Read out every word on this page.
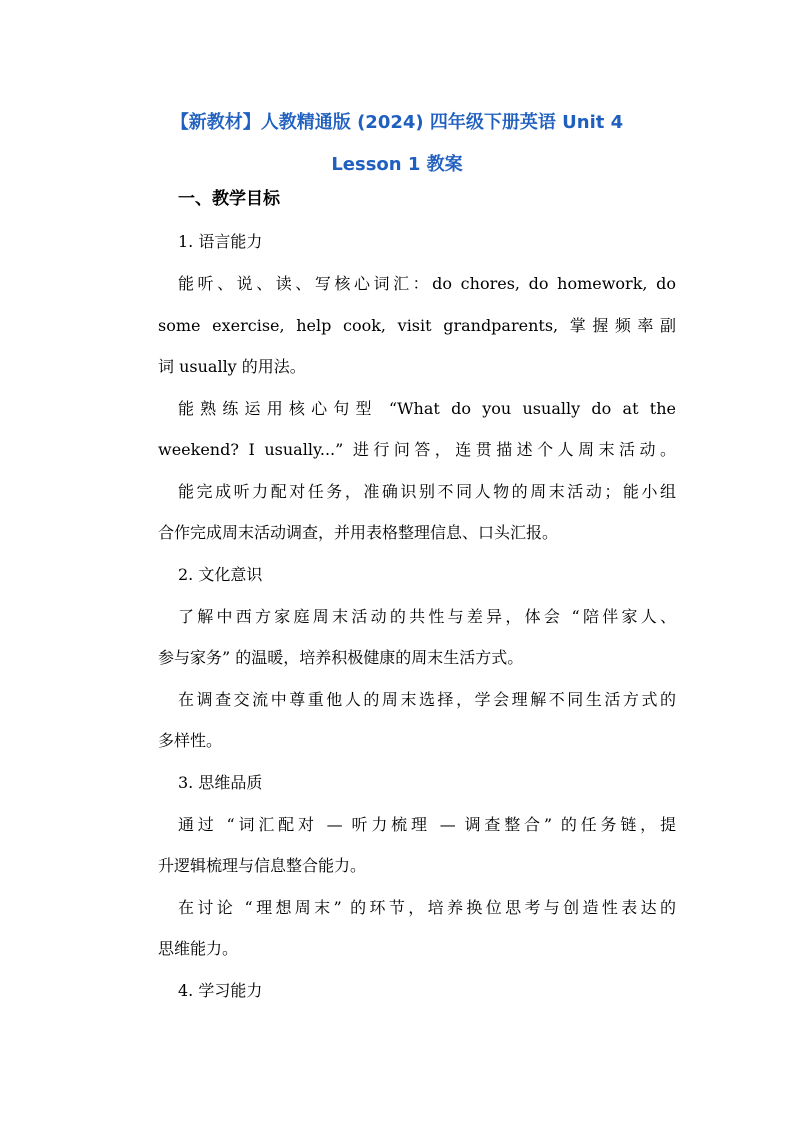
【新教材】人教精通版 (2024) 四年级下册英语 Unit 4
Lesson 1 教案
一、教学目标
1. 语言能力
能听、说、读、写核心词汇：do chores, do homework, do
some exercise, help cook, visit grandparents, 掌握频率副
词 usually 的用法。
能熟练运用核心句型 “What do you usually do at the
weekend? I usually...” 进行问答，连贯描述个人周末活动。
能完成听力配对任务，准确识别不同人物的周末活动；能小组
合作完成周末活动调查，并用表格整理信息、口头汇报。
2. 文化意识
了解中西方家庭周末活动的共性与差异，体会 “陪伴家人、
参与家务” 的温暖，培养积极健康的周末生活方式。
在调查交流中尊重他人的周末选择，学会理解不同生活方式的
多样性。
3. 思维品质
通过 “词汇配对 — 听力梳理 — 调查整合” 的任务链，提
升逻辑梳理与信息整合能力。
在讨论 “理想周末” 的环节，培养换位思考与创造性表达的
思维能力。
4. 学习能力
